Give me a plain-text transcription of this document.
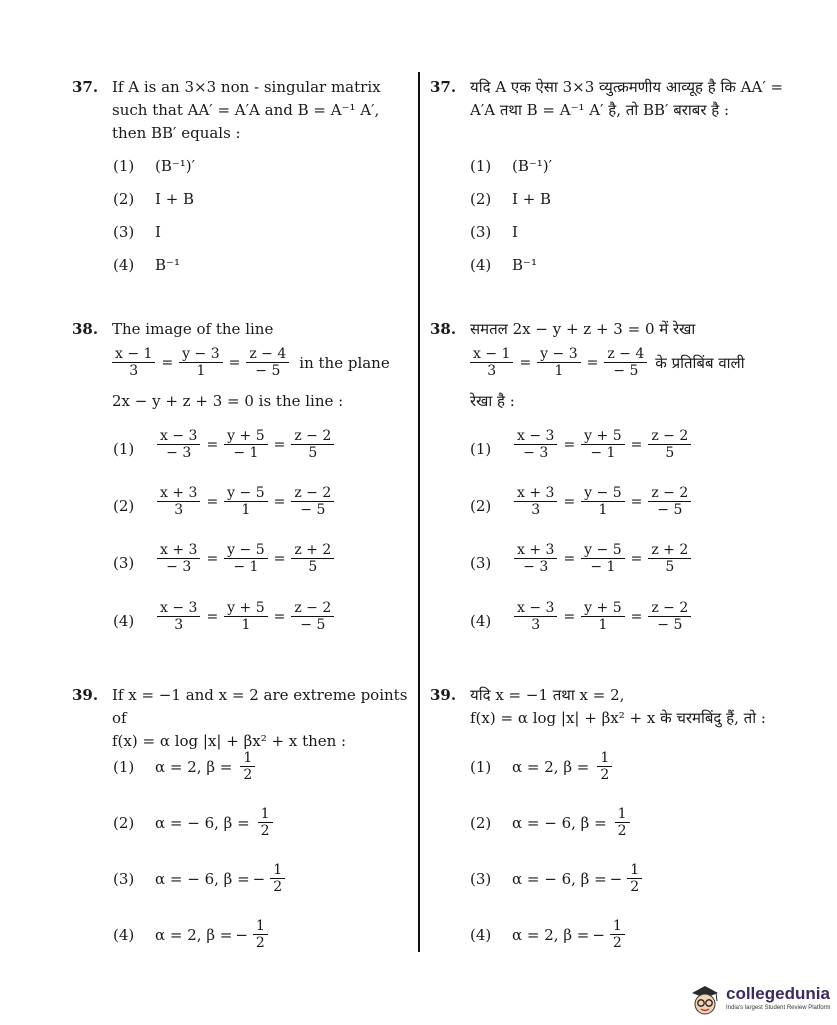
37. If A is an 3×3 non - singular matrix such that AA′ = A′A and B = A⁻¹ A′, then BB′ equals :
(1) (B⁻¹)′
(2) I + B
(3) I
(4) B⁻¹
38. The image of the line
$\frac{x - 1}{3} = \frac{y - 3}{1} = \frac{z - 4}{- 5}$ in the plane
2x − y + z + 3 = 0 is the line :
$(1) \frac{x - 3}{- 3} = \frac{y + 5}{- 1} = \frac{z - 2}{5}$
$(2) \frac{x + 3}{3} = \frac{y - 5}{1} = \frac{z - 2}{- 5}$
$(3) \frac{x + 3}{- 3} = \frac{y - 5}{- 1} = \frac{z + 2}{5}$
$(4) \frac{x - 3}{3} = \frac{y + 5}{1} = \frac{z - 2}{- 5}$
39. If x = −1 and x = 2 are extreme points of
f(x) = α log |x| + βx² + x then :
(1) α = 2, $\beta = \frac{1}{2}$
(2) α = − 6, $\beta = \frac{1}{2}$
(3) α = − 6, β = − $\frac{1}{2}$
(4) α = 2, β = − $\frac{1}{2}$
37. यदि A एक ऐसा 3×3 व्युत्क्रमणीय आव्यूह है कि AA′ = A′A तथा B = A⁻¹ A′ है, तो BB′ बराबर है :
(1) (B⁻¹)′
(2) I + B
(3) I
(4) B⁻¹
38. समतल 2x − y + z + 3 = 0 में रेखा
$\frac{x - 1}{3} = \frac{y - 3}{1} = \frac{z - 4}{- 5}$ के प्रतिबिंब वाली
रेखा है :
$(1) \frac{x - 3}{- 3} = \frac{y + 5}{- 1} = \frac{z - 2}{5}$
$(2) \frac{x + 3}{3} = \frac{y - 5}{1} = \frac{z - 2}{- 5}$
$(3) \frac{x + 3}{- 3} = \frac{y - 5}{- 1} = \frac{z + 2}{5}$
$(4) \frac{x - 3}{3} = \frac{y + 5}{1} = \frac{z - 2}{- 5}$
39. यदि x = −1 तथा x = 2,
f(x) = α log |x| + βx² + x के चरमबिंदु हैं, तो :
(1) α = 2, $\beta = \frac{1}{2}$
(2) α = − 6, $\beta = \frac{1}{2}$
(3) α = − 6, β = − $\frac{1}{2}$
(4) α = 2, β = − $\frac{1}{2}$
collegedunia
India's largest Student Review Platform
